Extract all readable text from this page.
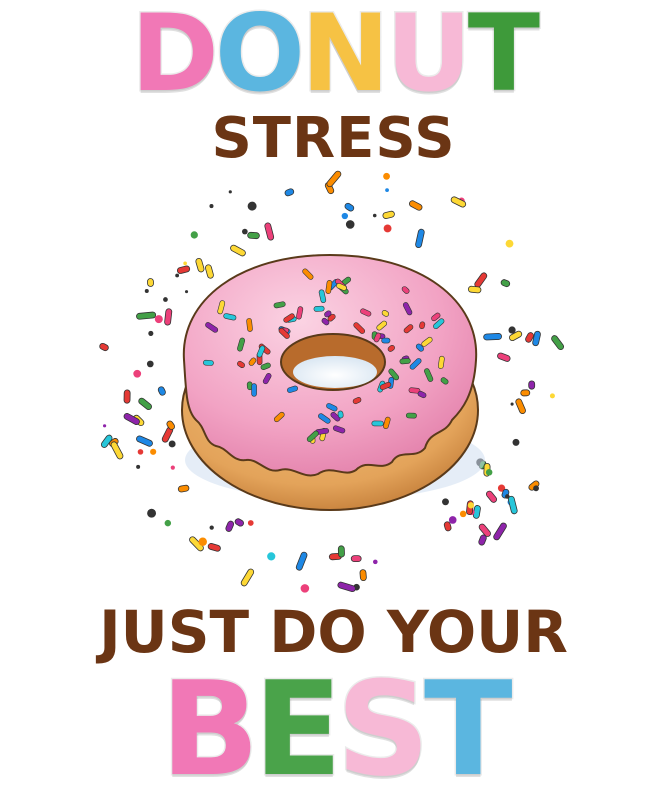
DONUT
STRESS
JUST DO YOUR
BEST
